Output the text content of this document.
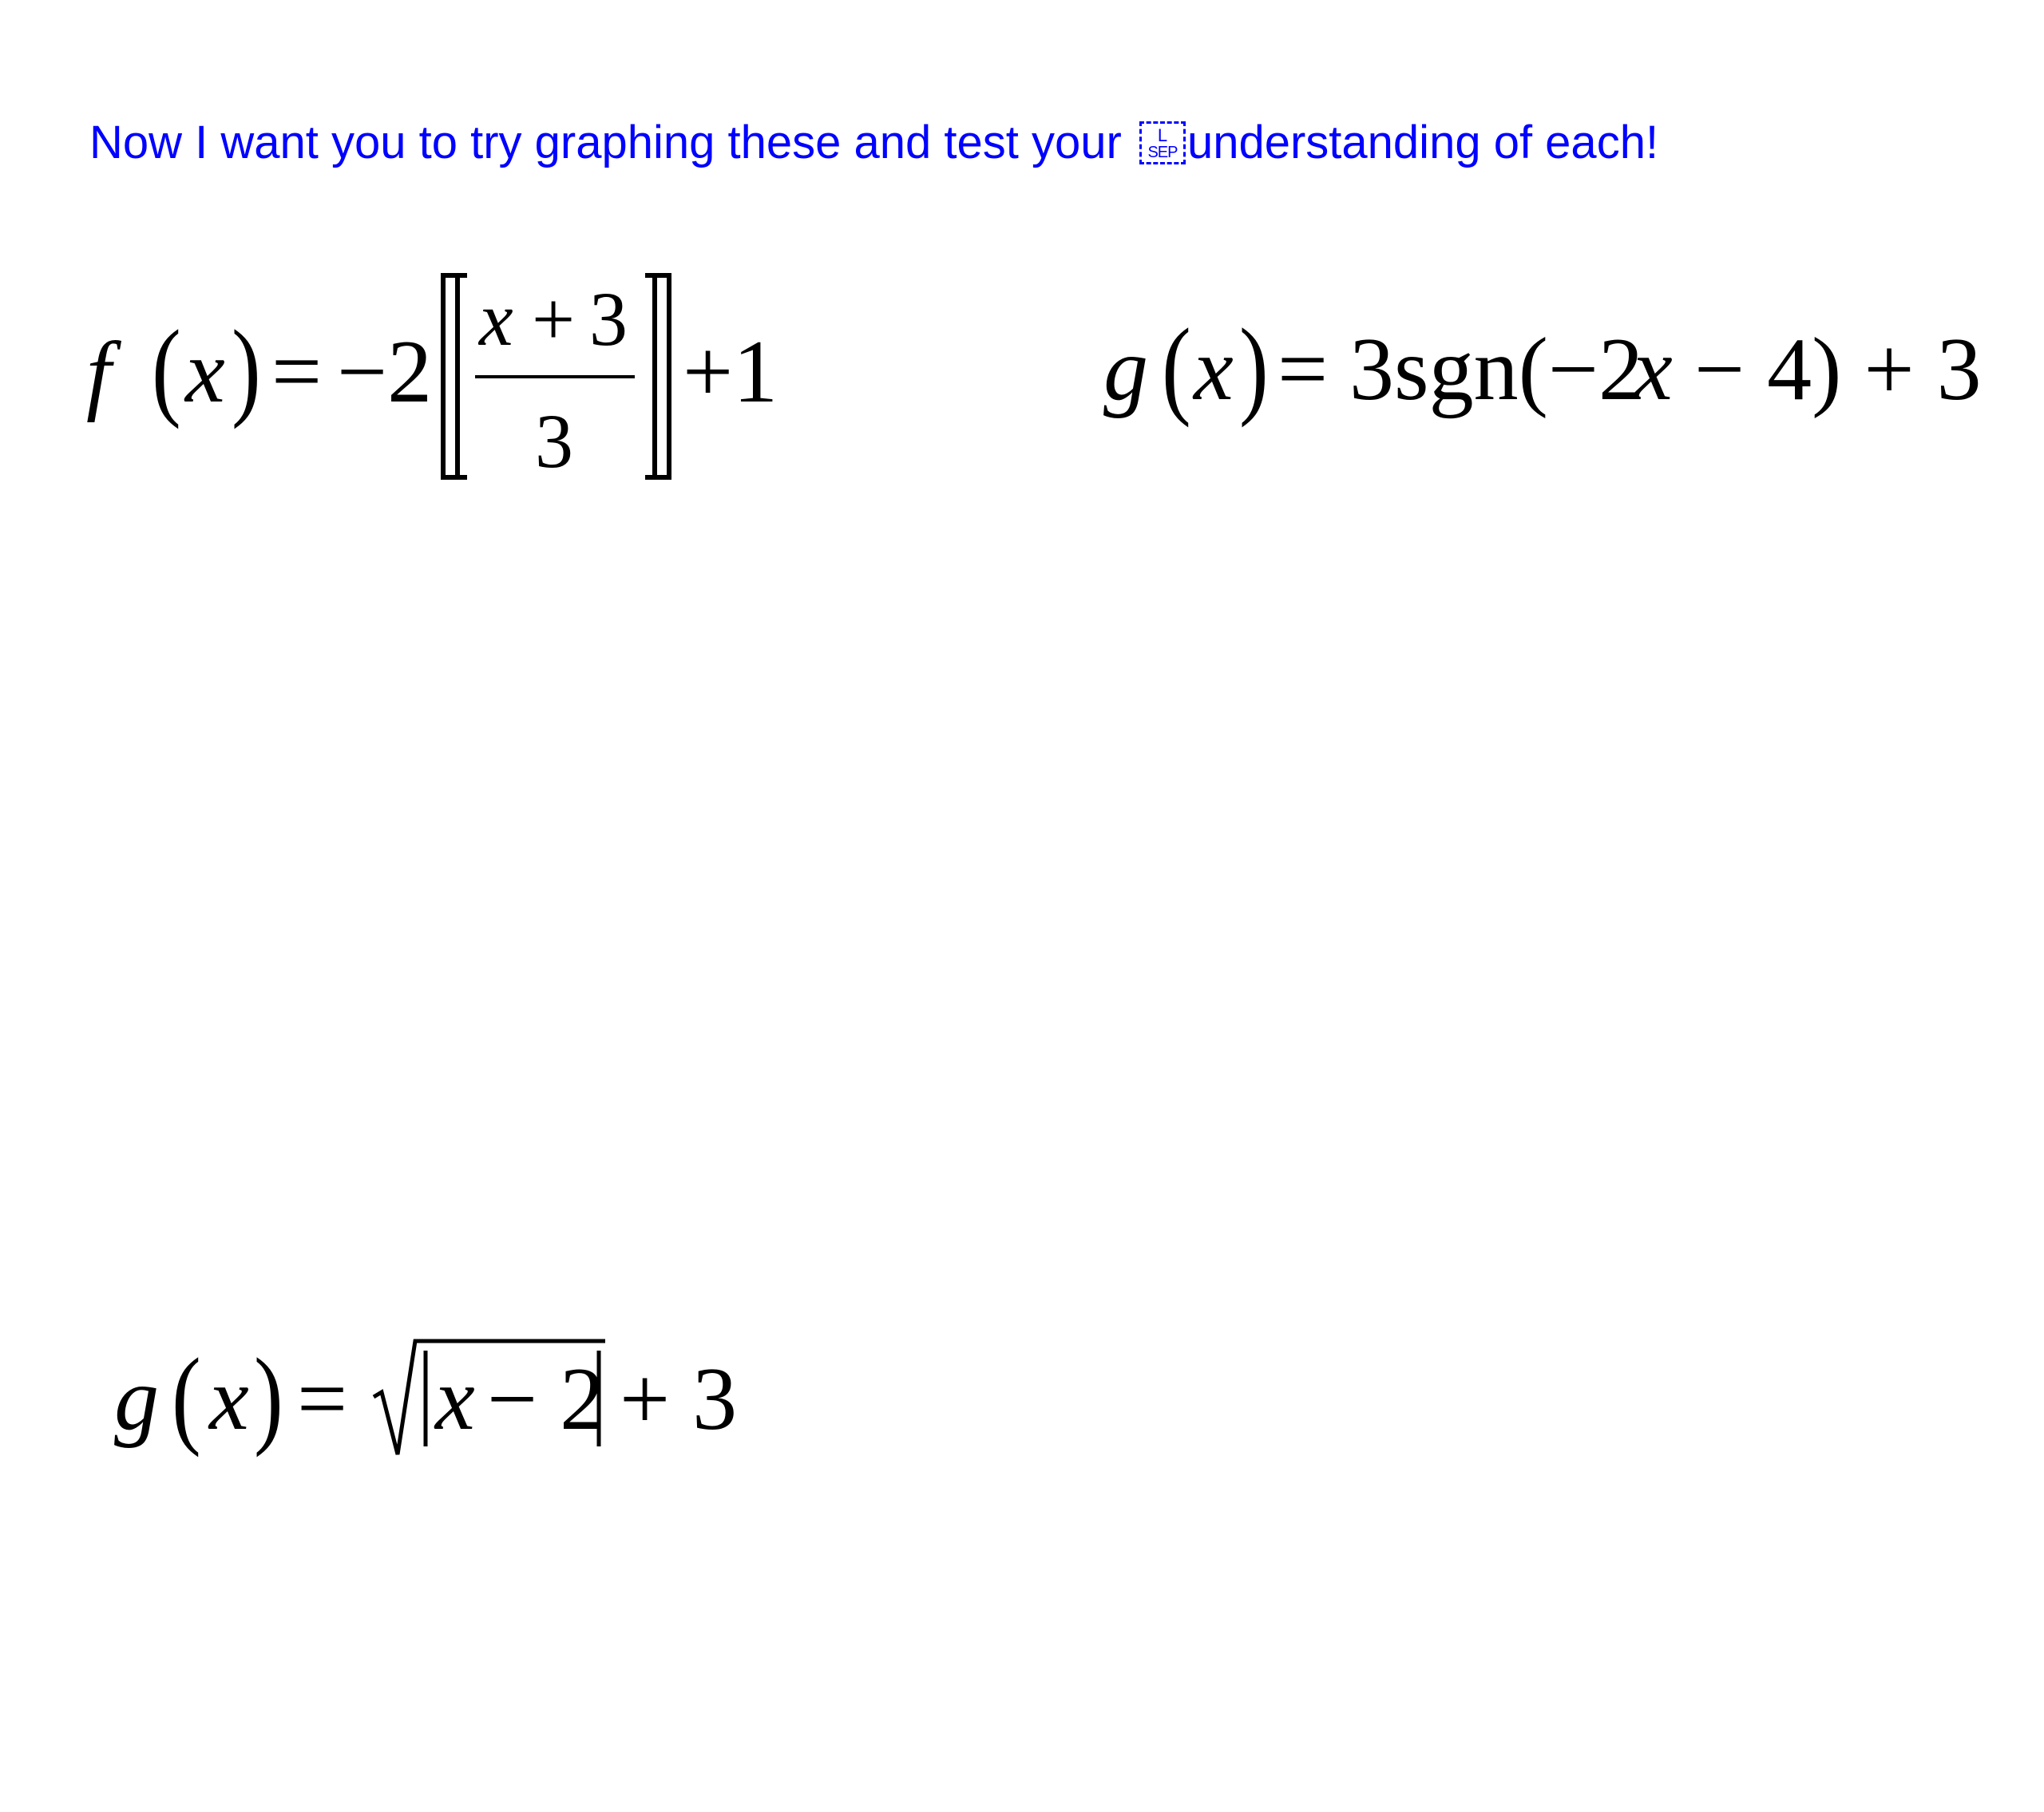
Now I want you to try graphing these and test your	L
SEP understanding of each!
f ( x ) = −2
x + 3
3
+1	g ( x ) = 3sgn(−2
x − 4) + 3
g ( x ) = x − 2 + 3
